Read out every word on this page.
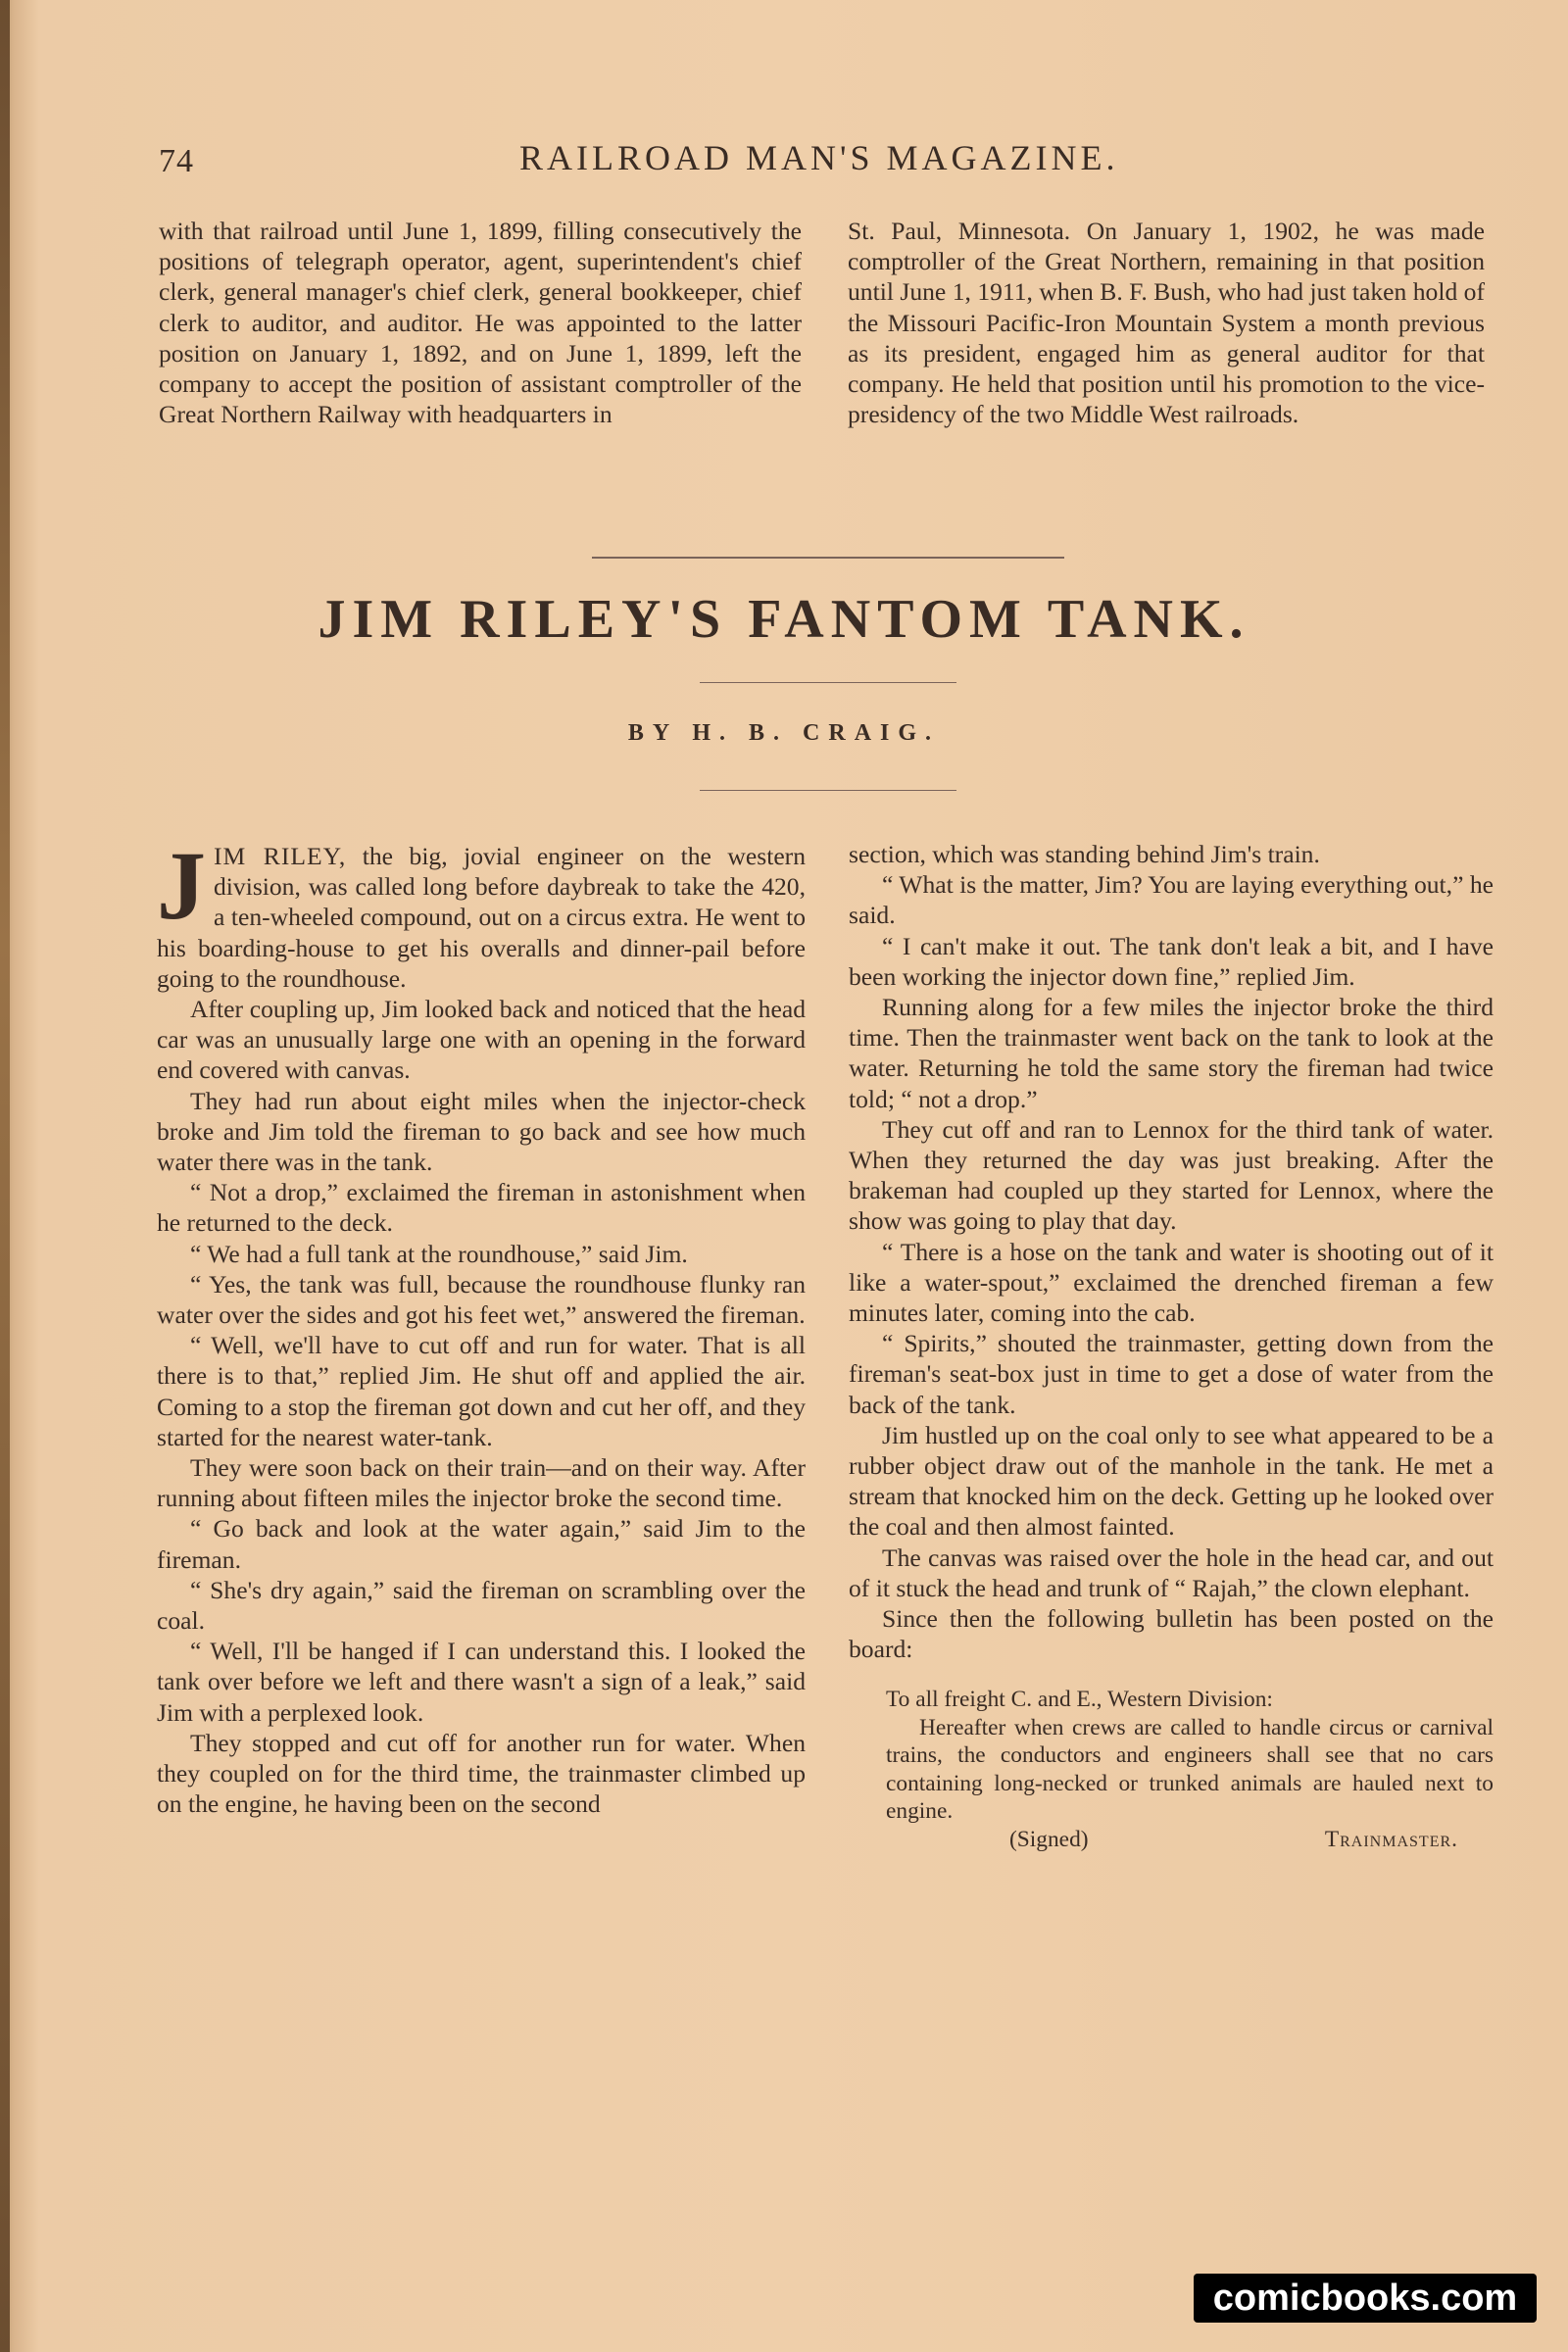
74	RAILROAD MAN'S MAGAZINE.

with that railroad until June 1, 1899, filling consecutively the positions of telegraph operator, agent, superintendent's chief clerk, general manager's chief clerk, general bookkeeper, chief clerk to auditor, and auditor. He was appointed to the latter position on January 1, 1892, and on June 1, 1899, left the company to accept the position of assistant comptroller of the Great Northern Railway with headquarters in

St. Paul, Minnesota. On January 1, 1902, he was made comptroller of the Great Northern, remaining in that position until June 1, 1911, when B. F. Bush, who had just taken hold of the Missouri Pacific-Iron Mountain System a month previous as its president, engaged him as general auditor for that company. He held that position until his promotion to the vice-presidency of the two Middle West railroads.

JIM RILEY'S FANTOM TANK.
BY H. B. CRAIG.

JIM RILEY, the big, jovial engineer on the western division, was called long before daybreak to take the 420, a ten-wheeled compound, out on a circus extra. He went to his boarding-house to get his overalls and dinner-pail before going to the roundhouse.

After coupling up, Jim looked back and noticed that the head car was an unusually large one with an opening in the forward end covered with canvas.

They had run about eight miles when the injector-check broke and Jim told the fireman to go back and see how much water there was in the tank.

“ Not a drop,” exclaimed the fireman in astonishment when he returned to the deck.

“ We had a full tank at the roundhouse,” said Jim.

“ Yes, the tank was full, because the roundhouse flunky ran water over the sides and got his feet wet,” answered the fireman.

“ Well, we'll have to cut off and run for water. That is all there is to that,” replied Jim. He shut off and applied the air. Coming to a stop the fireman got down and cut her off, and they started for the nearest water-tank.

They were soon back on their train—and on their way. After running about fifteen miles the injector broke the second time.

“ Go back and look at the water again,” said Jim to the fireman.

“ She's dry again,” said the fireman on scrambling over the coal.

“ Well, I'll be hanged if I can understand this. I looked the tank over before we left and there wasn't a sign of a leak,” said Jim with a perplexed look.

They stopped and cut off for another run for water. When they coupled on for the third time, the trainmaster climbed up on the engine, he having been on the second

section, which was standing behind Jim's train.

“ What is the matter, Jim? You are laying everything out,” he said.

“ I can't make it out. The tank don't leak a bit, and I have been working the injector down fine,” replied Jim.

Running along for a few miles the injector broke the third time. Then the trainmaster went back on the tank to look at the water. Returning he told the same story the fireman had twice told; “ not a drop.”

They cut off and ran to Lennox for the third tank of water. When they returned the day was just breaking. After the brakeman had coupled up they started for Lennox, where the show was going to play that day.

“ There is a hose on the tank and water is shooting out of it like a water-spout,” exclaimed the drenched fireman a few minutes later, coming into the cab.

“ Spirits,” shouted the trainmaster, getting down from the fireman's seat-box just in time to get a dose of water from the back of the tank.

Jim hustled up on the coal only to see what appeared to be a rubber object draw out of the manhole in the tank. He met a stream that knocked him on the deck. Getting up he looked over the coal and then almost fainted.

The canvas was raised over the hole in the head car, and out of it stuck the head and trunk of “ Rajah,” the clown elephant.

Since then the following bulletin has been posted on the board:

To all freight C. and E., Western Division:

Hereafter when crews are called to handle circus or carnival trains, the conductors and engineers shall see that no cars containing long-necked or trunked animals are hauled next to engine.

(Signed)	Trainmaster.
comicbooks.com
